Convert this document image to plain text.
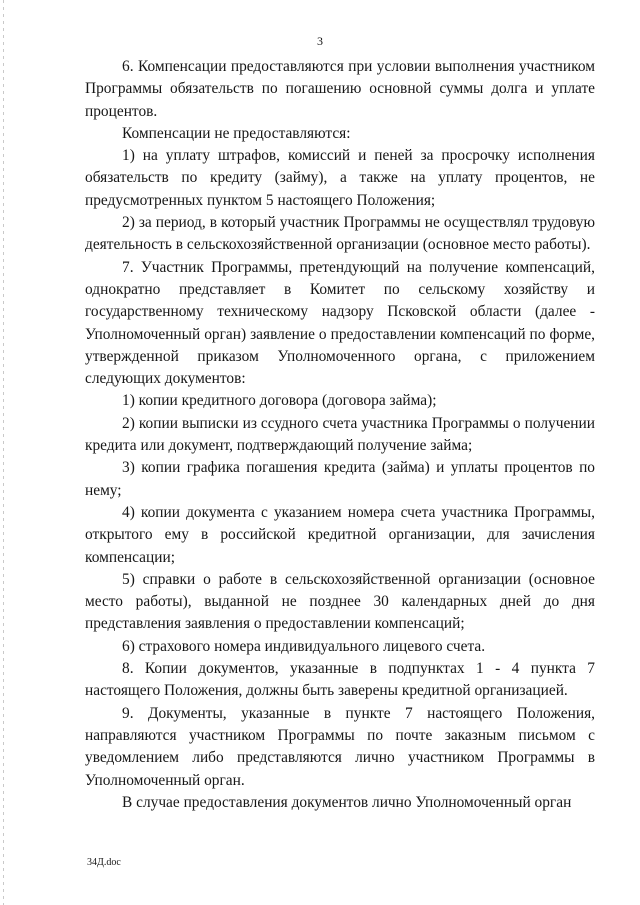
3

6. Компенсации предоставляются при условии выполнения участником Программы обязательств по погашению основной суммы долга и уплате процентов.

Компенсации не предоставляются:

1) на уплату штрафов, комиссий и пеней за просрочку исполнения обязательств по кредиту (займу), а также на уплату процентов, не предусмотренных пунктом 5 настоящего Положения;

2) за период, в который участник Программы не осуществлял трудовую деятельность в сельскохозяйственной организации (основное место работы).

7. Участник Программы, претендующий на получение компенсаций, однократно представляет в Комитет по сельскому хозяйству и государственному техническому надзору Псковской области (далее - Уполномоченный орган) заявление о предоставлении компенсаций по форме, утвержденной приказом Уполномоченного органа, с приложением следующих документов:

1) копии кредитного договора (договора займа);

2) копии выписки из ссудного счета участника Программы о получении кредита или документ, подтверждающий получение займа;

3) копии графика погашения кредита (займа) и уплаты процентов по нему;

4) копии документа с указанием номера счета участника Программы, открытого ему в российской кредитной организации, для зачисления компенсации;

5) справки о работе в сельскохозяйственной организации (основное место работы), выданной не позднее 30 календарных дней до дня представления заявления о предоставлении компенсаций;

6) страхового номера индивидуального лицевого счета.

8. Копии документов, указанные в подпунктах 1 - 4 пункта 7 настоящего Положения, должны быть заверены кредитной организацией.

9. Документы, указанные в пункте 7 настоящего Положения, направляются участником Программы по почте заказным письмом с уведомлением либо представляются лично участником Программы в Уполномоченный орган.

В случае предоставления документов лично Уполномоченный орган

34Д.doc
